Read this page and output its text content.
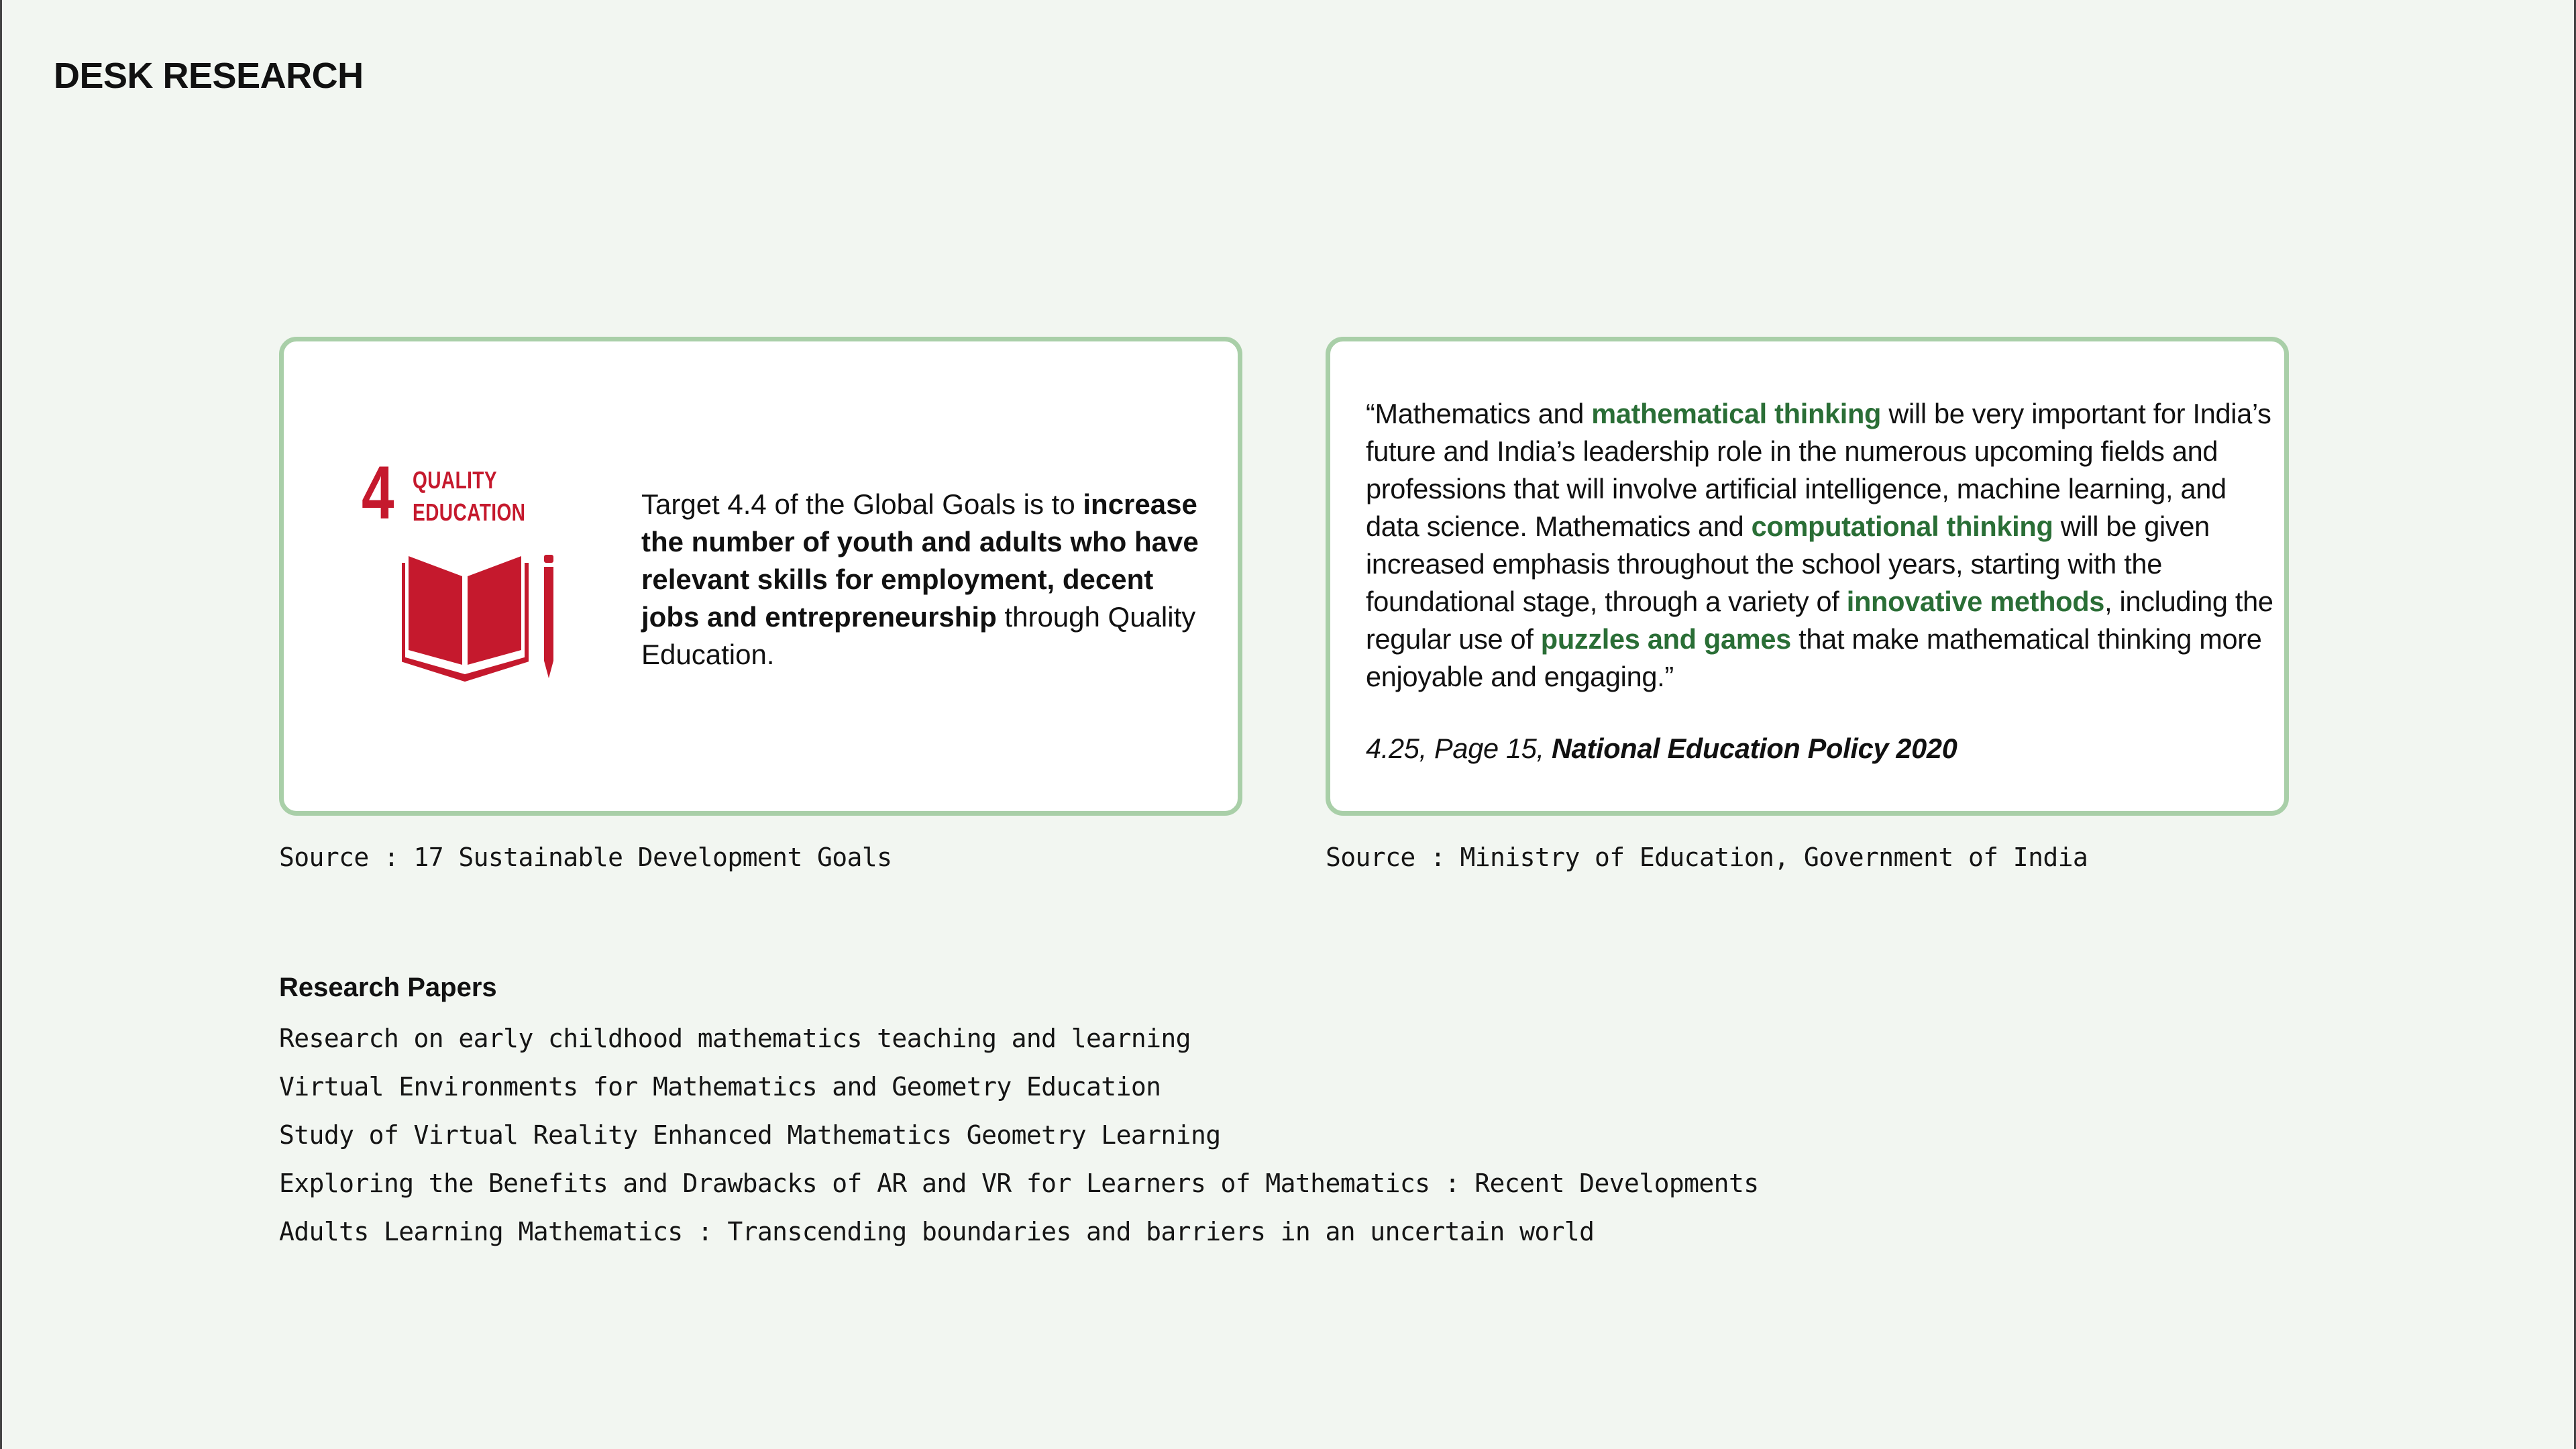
DESK RESEARCH
4 QUALITY
EDUCATION	Target 4.4 of the Global Goals is to increase the number of youth and adults who have relevant skills for employment, decent jobs and entrepreneurship through Quality Education.

“Mathematics and mathematical thinking will be very important for India’s future and India’s leadership role in the numerous upcoming fields and professions that will involve artificial intelligence, machine learning, and data science. Mathematics and computational thinking will be given increased emphasis throughout the school years, starting with the foundational stage, through a variety of innovative methods, including the regular use of puzzles and games that make mathematical thinking more enjoyable and engaging.”

4.25, Page 15, National Education Policy 2020

Source : 17 Sustainable Development Goals	Source : Ministry of Education, Government of India

Research Papers
Research on early childhood mathematics teaching and learning
Virtual Environments for Mathematics and Geometry Education
Study of Virtual Reality Enhanced Mathematics Geometry Learning
Exploring the Benefits and Drawbacks of AR and VR for Learners of Mathematics : Recent Developments
Adults Learning Mathematics : Transcending boundaries and barriers in an uncertain world
